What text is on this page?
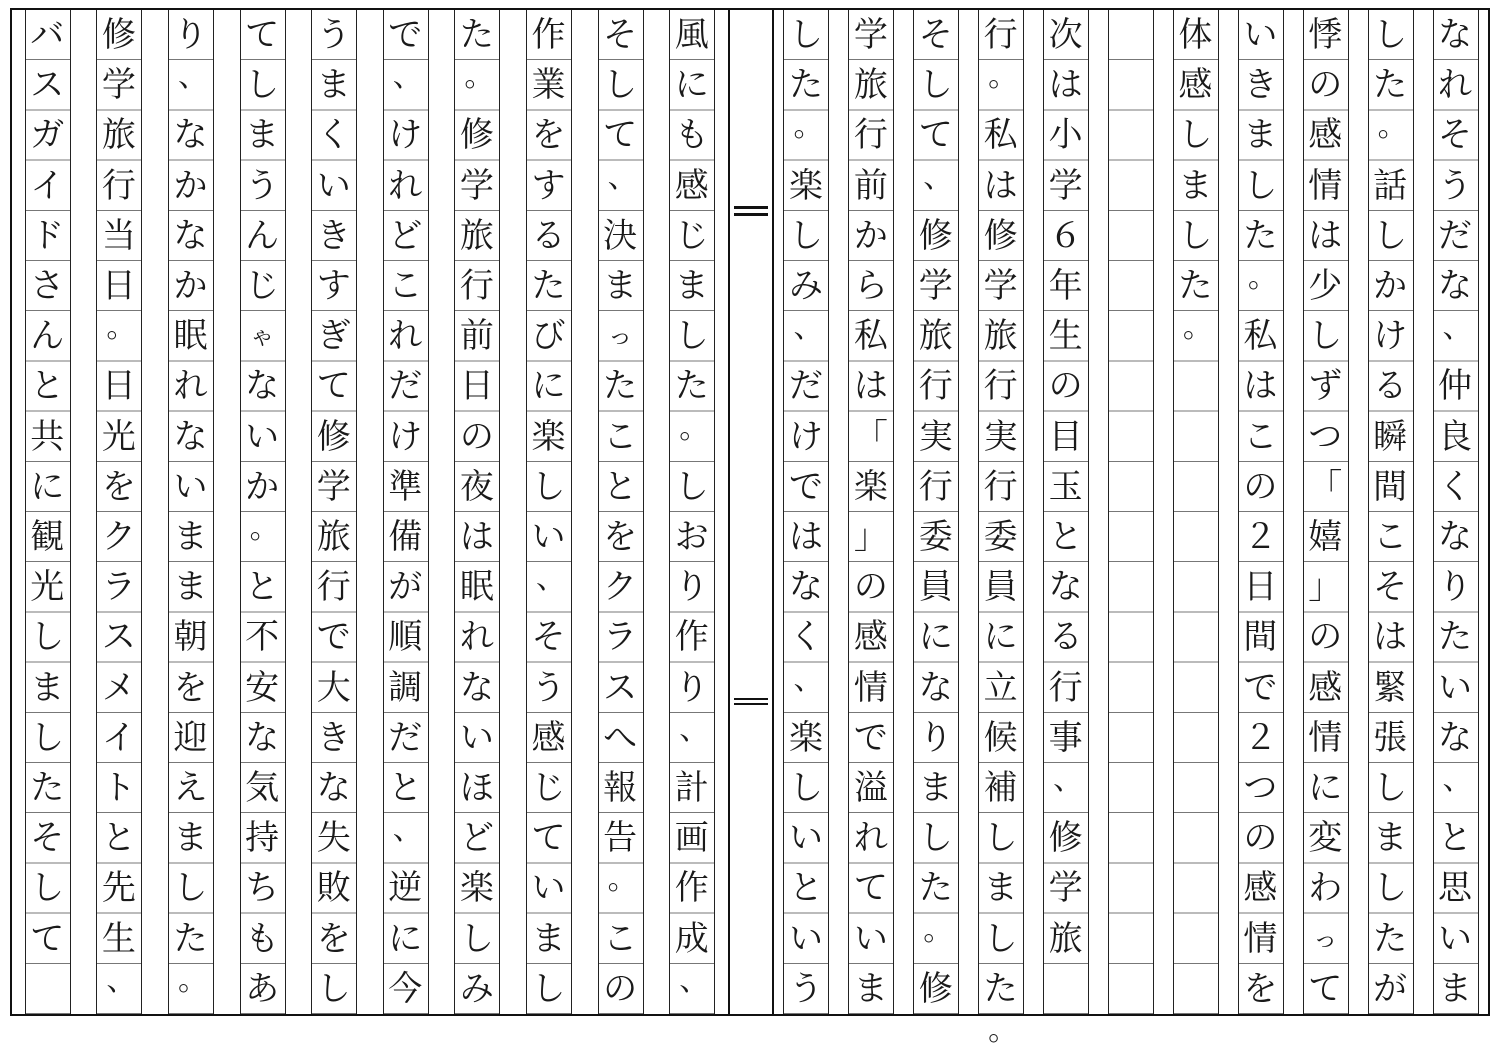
風
に
も
感
じ
ま
し
た
。
し
お
り
作
り
、
計
画
作
成
、
そ
し
て
、
決
ま
っ
た
こ
と
を
ク
ラ
ス
へ
報
告
。
こ
の
作
業
を
す
る
た
び
に
楽
し
い
、
そ
う
感
じ
て
い
ま
し
た
。
修
学
旅
行
前
日
の
夜
は
眠
れ
な
い
ほ
ど
楽
し
み
で
、
け
れ
ど
こ
れ
だ
け
準
備
が
順
調
だ
と
、
逆
に
今
う
ま
く
い
き
す
ぎ
て
修
学
旅
行
で
大
き
な
失
敗
を
し
て
し
ま
う
ん
じ
ゃ
な
い
か
。
と
不
安
な
気
持
ち
も
あ
り
、
な
か
な
か
眠
れ
な
い
ま
ま
朝
を
迎
え
ま
し
た
。
修
学
旅
行
当
日
。
日
光
を
ク
ラ
ス
メ
イ
ト
と
先
生
、
バ
ス
ガ
イ
ド
さ
ん
と
共
に
観
光
し
ま
し
た
そ
し
て
な
れ
そ
う
だ
な
、
仲
良
く
な
り
た
い
な
、
と
思
い
ま
し
た
。
話
し
か
け
る
瞬
間
こ
そ
は
緊
張
し
ま
し
た
が
悸
の
感
情
は
少
し
ず
つ
「
嬉
」
の
感
情
に
変
わ
っ
て
い
き
ま
し
た
。
私
は
こ
の
２
日
間
で
２
つ
の
感
情
を
体
感
し
ま
し
た
。
次
は
小
学
６
年
生
の
目
玉
と
な
る
行
事
、
修
学
旅
行
。
私
は
修
学
旅
行
実
行
委
員
に
立
候
補
し
ま
し
た
。
そ
し
て
、
修
学
旅
行
実
行
委
員
に
な
り
ま
し
た
。
修
学
旅
行
前
か
ら
私
は
「
楽
」
の
感
情
で
溢
れ
て
い
ま
し
た
。
楽
し
み
、
だ
け
で
は
な
く
、
楽
し
い
と
い
う
